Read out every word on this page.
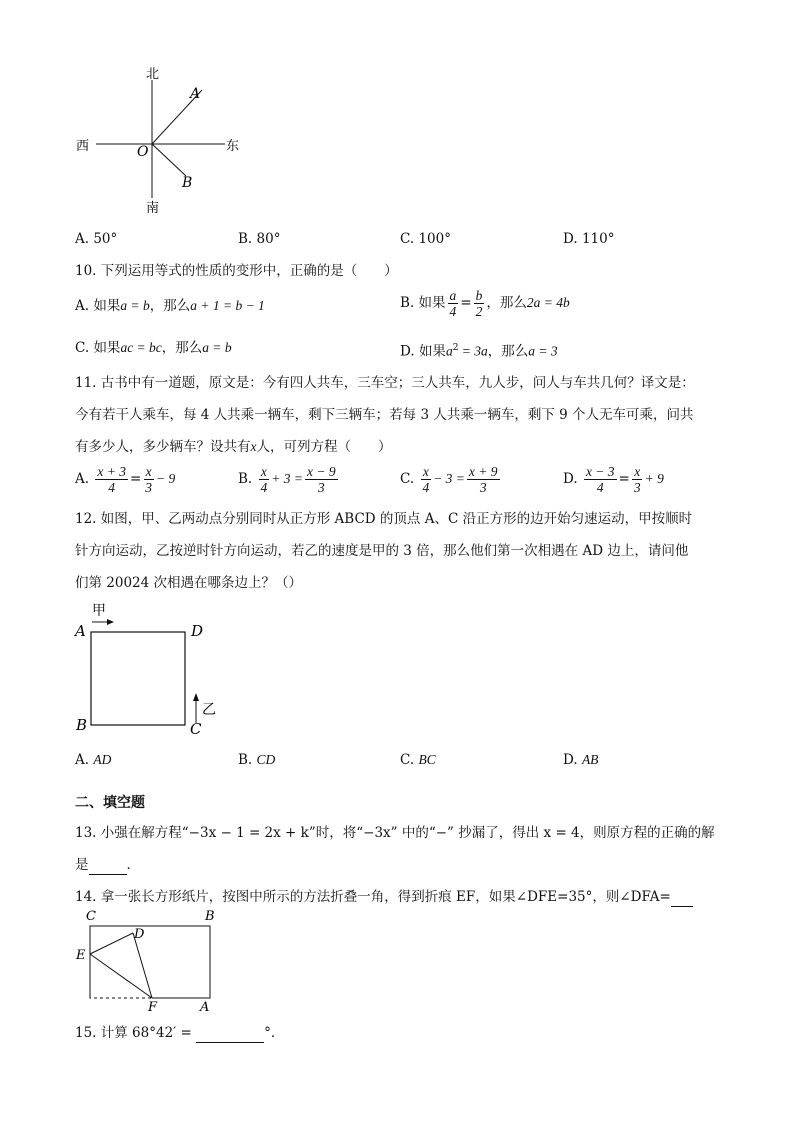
北
南
西	东
O
A
B
A. 50°	B. 80°	C. 100°	D. 110°
10. 下列运用等式的性质的变形中，正确的是（　　）
A. 如果a = b，那么a + 1 = b − 1	B. 如果 $\frac{a}{4} = \frac{b}{2}$ ，那么2a = 4b
C. 如果ac = bc，那么a = b	D. 如果$a^2 = 3a$，那么a = 3
11. 古书中有一道题，原文是：今有四人共车，三车空；三人共车，九人步，问人与车共几何？译文是：
今有若干人乘车，每 4 人共乘一辆车，剩下三辆车；若每 3 人共乘一辆车，剩下 9 个人无车可乘，问共
有多少人，多少辆车？设共有x人，可列方程（　　）
A. $\frac{x + 3}{4} = \frac{x}{3} - 9$	B. $\frac{x}{4} + 3 = \frac{x - 9}{3}$	C. $\frac{x}{4} - 3 = \frac{x + 9}{3}$	D. $\frac{x - 3}{4} = \frac{x}{3} + 9$
12. 如图，甲、乙两动点分别同时从正方形 ABCD 的顶点 A、C 沿正方形的边开始匀速运动，甲按顺时
针方向运动，乙按逆时针方向运动，若乙的速度是甲的 3 倍，那么他们第一次相遇在 AD 边上，请问他
们第 20024 次相遇在哪条边上？（）
甲
乙
A	D
B	C
A. AD	B. CD	C. BC	D. AB
二、填空题
13. 小强在解方程“−3x − 1 = 2x + k”时，将“−3x” 中的“−” 抄漏了，得出 x = 4，则原方程的正确的解
是	．
14. 拿一张长方形纸片，按图中所示的方法折叠一角，得到折痕 EF，如果∠DFE=35°，则∠DFA=
C	B
D
E
F	A
15. 计算 68°42′ =	°．
